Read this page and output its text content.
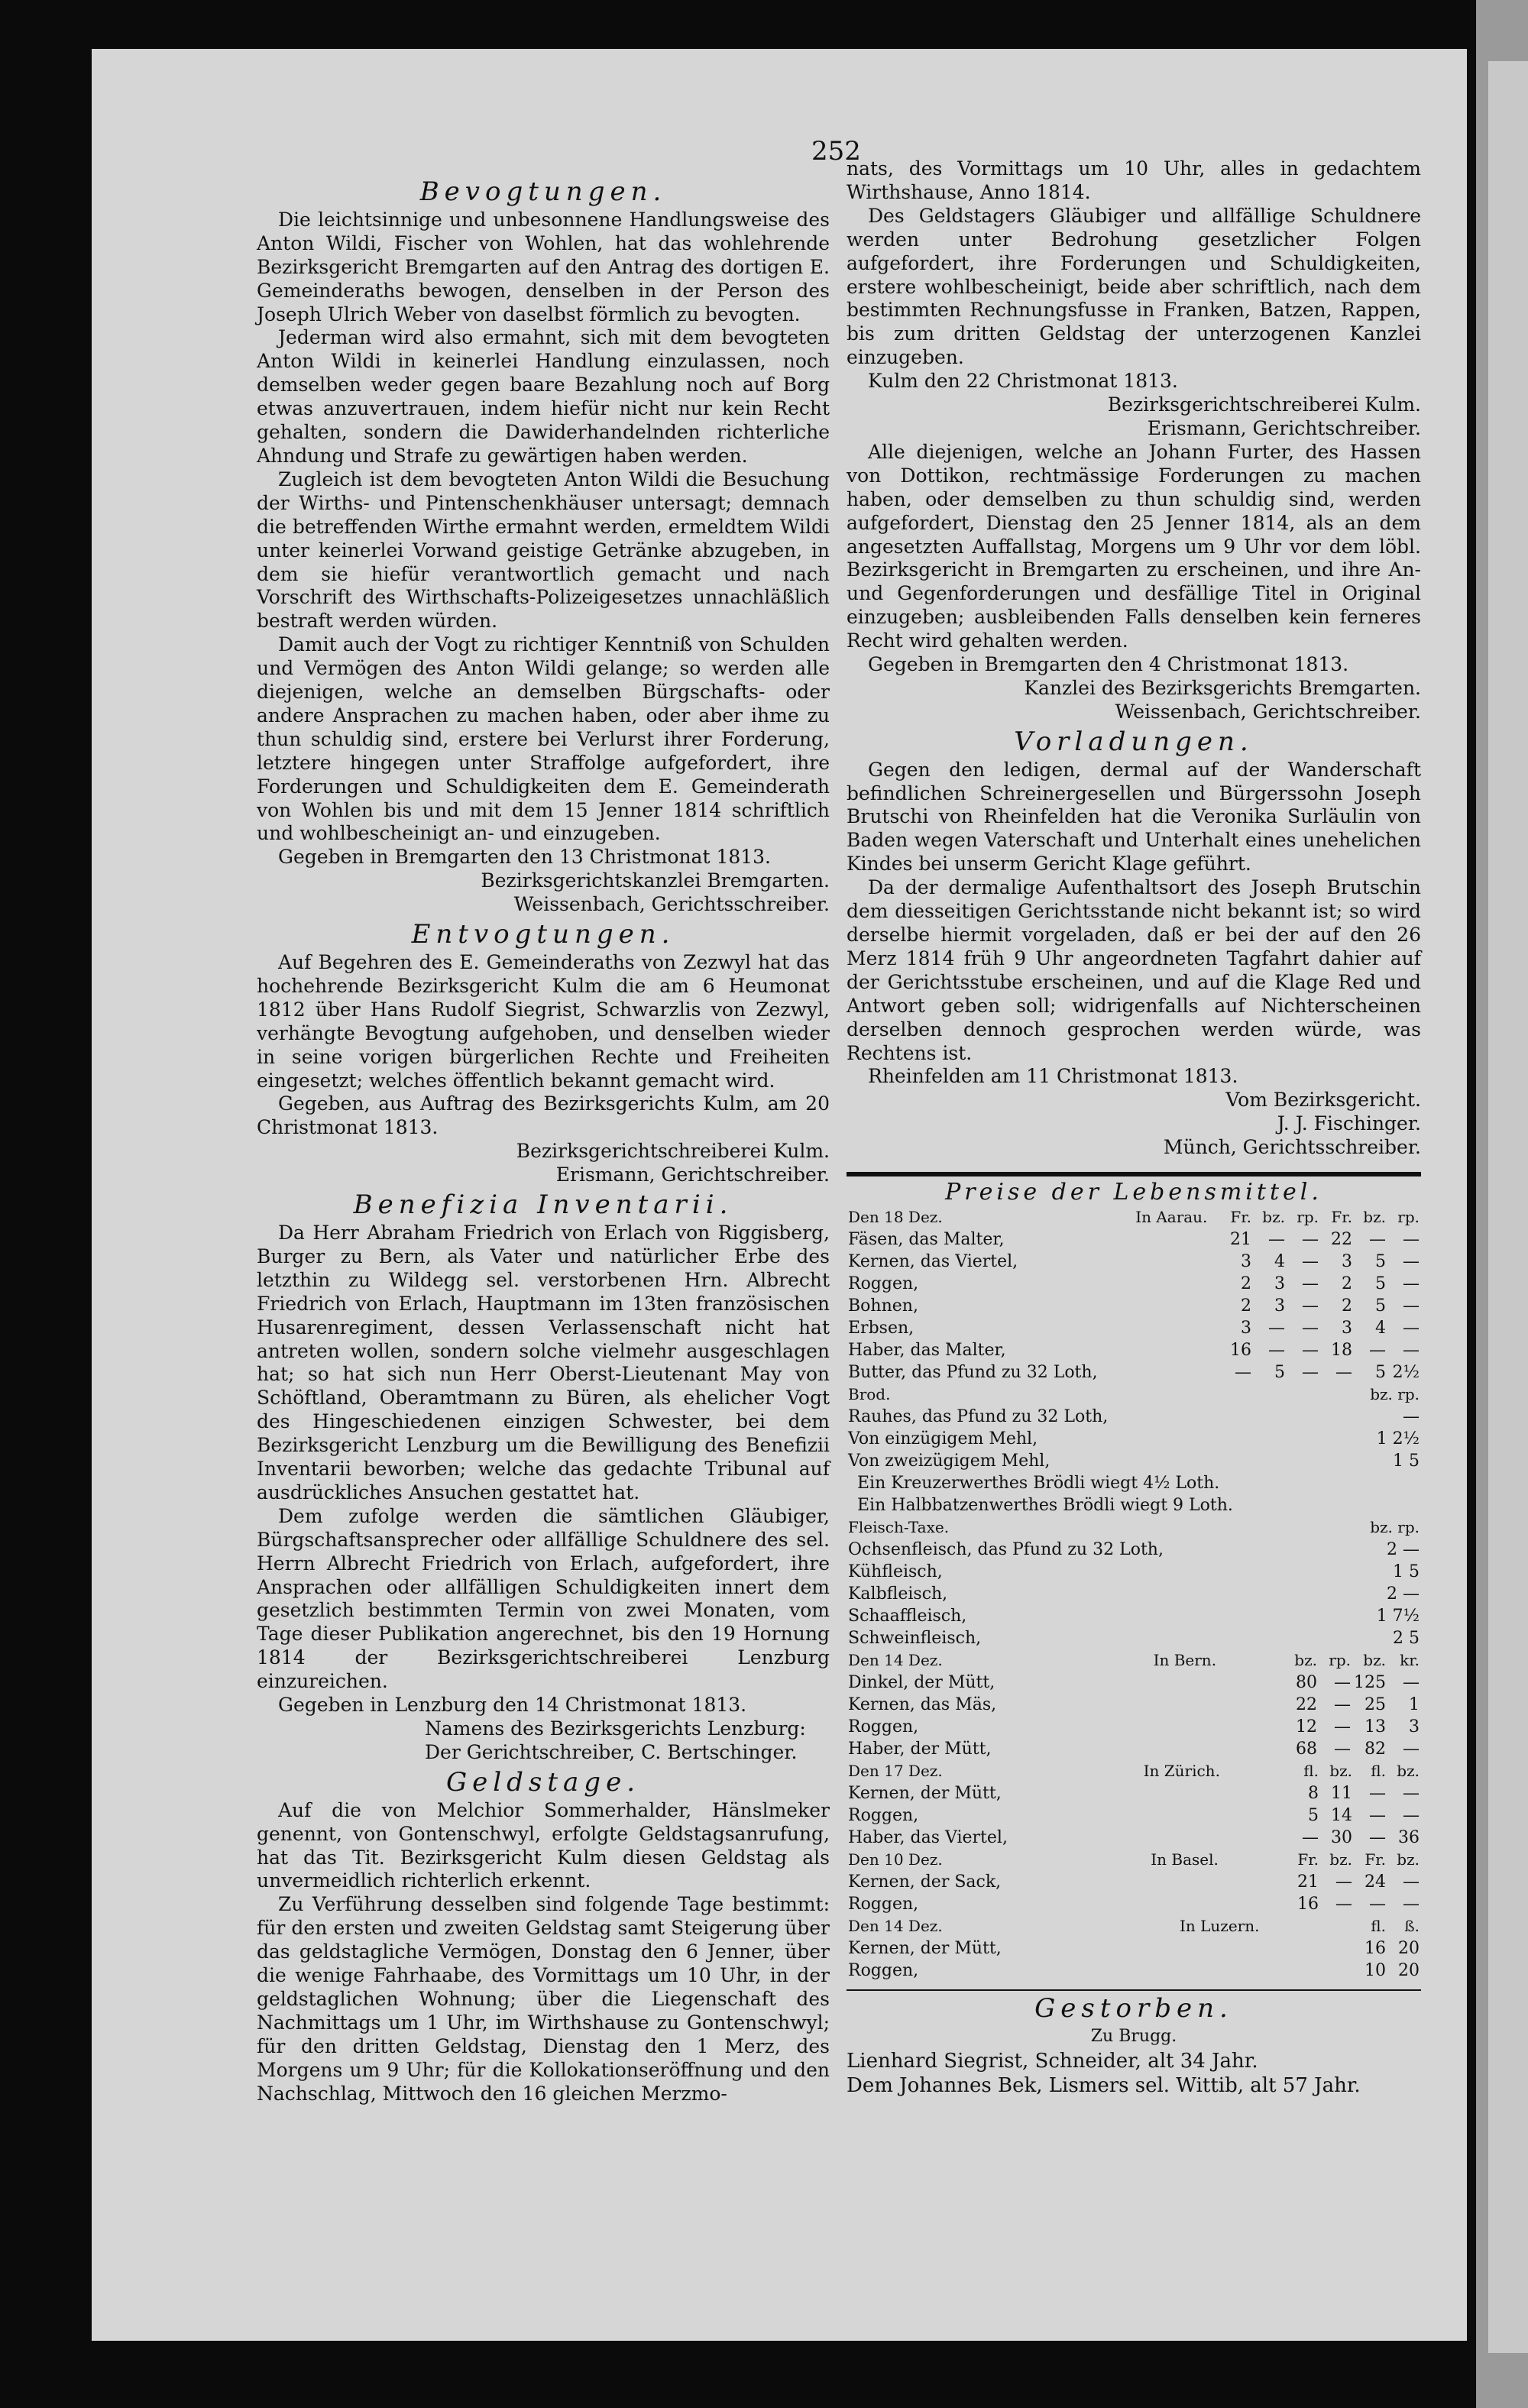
252
Bevogtungen.

Die leichtsinnige und unbesonnene Handlungsweise des Anton Wildi, Fischer von Wohlen, hat das wohlehrende Bezirksgericht Bremgarten auf den Antrag des dortigen E. Gemeinderaths bewogen, denselben in der Person des Joseph Ulrich Weber von daselbst förmlich zu bevogten.

Jederman wird also ermahnt, sich mit dem bevogteten Anton Wildi in keinerlei Handlung einzulassen, noch demselben weder gegen baare Bezahlung noch auf Borg etwas anzuvertrauen, indem hiefür nicht nur kein Recht gehalten, sondern die Dawiderhandelnden richterliche Ahndung und Strafe zu gewärtigen haben werden.

Zugleich ist dem bevogteten Anton Wildi die Besuchung der Wirths- und Pintenschenkhäuser untersagt; demnach die betreffenden Wirthe ermahnt werden, ermeldtem Wildi unter keinerlei Vorwand geistige Getränke abzugeben, in dem sie hiefür verantwortlich gemacht und nach Vorschrift des Wirthschafts-Polizeigesetzes unnachläßlich bestraft werden würden.

Damit auch der Vogt zu richtiger Kenntniß von Schulden und Vermögen des Anton Wildi gelange; so werden alle diejenigen, welche an demselben Bürgschafts- oder andere Ansprachen zu machen haben, oder aber ihme zu thun schuldig sind, erstere bei Verlurst ihrer Forderung, letztere hingegen unter Straffolge aufgefordert, ihre Forderungen und Schuldigkeiten dem E. Gemeinderath von Wohlen bis und mit dem 15 Jenner 1814 schriftlich und wohlbescheinigt an- und einzugeben.

Gegeben in Bremgarten den 13 Christmonat 1813.

Bezirksgerichtskanzlei Bremgarten.

Weissenbach, Gerichtsschreiber.

Entvogtungen.

Auf Begehren des E. Gemeinderaths von Zezwyl hat das hochehrende Bezirksgericht Kulm die am 6 Heumonat 1812 über Hans Rudolf Siegrist, Schwarzlis von Zezwyl, verhängte Bevogtung aufgehoben, und denselben wieder in seine vorigen bürgerlichen Rechte und Freiheiten eingesetzt; welches öffentlich bekannt gemacht wird.

Gegeben, aus Auftrag des Bezirksgerichts Kulm, am 20 Christmonat 1813.

Bezirksgerichtschreiberei Kulm.

Erismann, Gerichtschreiber.

Benefizia Inventarii.

Da Herr Abraham Friedrich von Erlach von Riggisberg, Burger zu Bern, als Vater und natürlicher Erbe des letzthin zu Wildegg sel. verstorbenen Hrn. Albrecht Friedrich von Erlach, Hauptmann im 13ten französischen Husarenregiment, dessen Verlassenschaft nicht hat antreten wollen, sondern solche vielmehr ausgeschlagen hat; so hat sich nun Herr Oberst-Lieutenant May von Schöftland, Oberamtmann zu Büren, als ehelicher Vogt des Hingeschiedenen einzigen Schwester, bei dem Bezirksgericht Lenzburg um die Bewilligung des Benefizii Inventarii beworben; welche das gedachte Tribunal auf ausdrückliches Ansuchen gestattet hat.

Dem zufolge werden die sämtlichen Gläubiger, Bürgschaftsansprecher oder allfällige Schuldnere des sel. Herrn Albrecht Friedrich von Erlach, aufgefordert, ihre Ansprachen oder allfälligen Schuldigkeiten innert dem gesetzlich bestimmten Termin von zwei Monaten, vom Tage dieser Publikation angerechnet, bis den 19 Hornung 1814 der Bezirksgerichtschreiberei Lenzburg einzureichen.

Gegeben in Lenzburg den 14 Christmonat 1813.

Namens des Bezirksgerichts Lenzburg:

Der Gerichtschreiber, C. Bertschinger.

Geldstage.

Auf die von Melchior Sommerhalder, Hänslmeker genennt, von Gontenschwyl, erfolgte Geldstagsanrufung, hat das Tit. Bezirksgericht Kulm diesen Geldstag als unvermeidlich richterlich erkennt.

Zu Verführung desselben sind folgende Tage bestimmt: für den ersten und zweiten Geldstag samt Steigerung über das geldstagliche Vermögen, Donstag den 6 Jenner, über die wenige Fahrhaabe, des Vormittags um 10 Uhr, in der geldstaglichen Wohnung; über die Liegenschaft des Nachmittags um 1 Uhr, im Wirthshause zu Gontenschwyl; für den dritten Geldstag, Dienstag den 1 Merz, des Morgens um 9 Uhr; für die Kollokationseröffnung und den Nachschlag, Mittwoch den 16 gleichen Merzmo-

nats, des Vormittags um 10 Uhr, alles in gedachtem Wirthshause, Anno 1814.

Des Geldstagers Gläubiger und allfällige Schuldnere werden unter Bedrohung gesetzlicher Folgen aufgefordert, ihre Forderungen und Schuldigkeiten, erstere wohlbescheinigt, beide aber schriftlich, nach dem bestimmten Rechnungsfusse in Franken, Batzen, Rappen, bis zum dritten Geldstag der unterzogenen Kanzlei einzugeben.

Kulm den 22 Christmonat 1813.

Bezirksgerichtschreiberei Kulm.

Erismann, Gerichtschreiber.

Alle diejenigen, welche an Johann Furter, des Hassen von Dottikon, rechtmässige Forderungen zu machen haben, oder demselben zu thun schuldig sind, werden aufgefordert, Dienstag den 25 Jenner 1814, als an dem angesetzten Auffallstag, Morgens um 9 Uhr vor dem löbl. Bezirksgericht in Bremgarten zu erscheinen, und ihre An- und Gegenforderungen und desfällige Titel in Original einzugeben; ausbleibenden Falls denselben kein ferneres Recht wird gehalten werden.

Gegeben in Bremgarten den 4 Christmonat 1813.

Kanzlei des Bezirksgerichts Bremgarten.

Weissenbach, Gerichtschreiber.

Vorladungen.

Gegen den ledigen, dermal auf der Wanderschaft befindlichen Schreinergesellen und Bürgerssohn Joseph Brutschi von Rheinfelden hat die Veronika Surläulin von Baden wegen Vaterschaft und Unterhalt eines unehelichen Kindes bei unserm Gericht Klage geführt.

Da der dermalige Aufenthaltsort des Joseph Brutschin dem diesseitigen Gerichtsstande nicht bekannt ist; so wird derselbe hiermit vorgeladen, daß er bei der auf den 26 Merz 1814 früh 9 Uhr angeordneten Tagfahrt dahier auf der Gerichtsstube erscheinen, und auf die Klage Red und Antwort geben soll; widrigenfalls auf Nichterscheinen derselben dennoch gesprochen werden würde, was Rechtens ist.

Rheinfelden am 11 Christmonat 1813.

Vom Bezirksgericht.

J. J. Fischinger.

Münch, Gerichtsschreiber.

Preise der Lebensmittel.
Den 18 Dez.	In Aarau.	Fr.	bz.	rp.	Fr.	bz.	rp.
Fäsen, das Malter,		21	—	—	22	—	—
Kernen, das Viertel,		3	4	—	3	5	—
Roggen,		2	3	—	2	5	—
Bohnen,		2	3	—	2	5	—
Erbsen,		3	—	—	3	4	—
Haber, das Malter,		16	—	—	18	—	—
Butter, das Pfund zu 32 Loth,		—	5	—	—	5	2½
Brod.	bz. rp.
Rauhes, das Pfund zu 32 Loth,	—
Von einzügigem Mehl,	1 2½
Von zweizügigem Mehl,	1 5
Ein Kreuzerwerthes Brödli wiegt 4½ Loth.
Ein Halbbatzenwerthes Brödli wiegt 9 Loth.
Fleisch-Taxe.	bz. rp.
Ochsenfleisch, das Pfund zu 32 Loth,	2 —
Kühfleisch,	1 5
Kalbfleisch,	2 —
Schaaffleisch,	1 7½
Schweinfleisch,	2 5
Den 14 Dez.	In Bern.	bz.	rp.	bz.	kr.
Dinkel, der Mütt,		80	—	125	—
Kernen, das Mäs,		22	—	25	1
Roggen,		12	—	13	3
Haber, der Mütt,		68	—	82	—
Den 17 Dez.	In Zürich.	fl.	bz.	fl.	bz.
Kernen, der Mütt,		8	11	—	—
Roggen,		5	14	—	—
Haber, das Viertel,		—	30	—	36
Den 10 Dez.	In Basel.	Fr.	bz.	Fr.	bz.
Kernen, der Sack,		21	—	24	—
Roggen,		16	—	—	—
Den 14 Dez.	In Luzern.	fl.	ß.
Kernen, der Mütt,		16	20
Roggen,		10	20
Gestorben.
Zu Brugg.
Lienhard Siegrist, Schneider, alt 34 Jahr.
Dem Johannes Bek, Lismers sel. Wittib, alt 57 Jahr.
